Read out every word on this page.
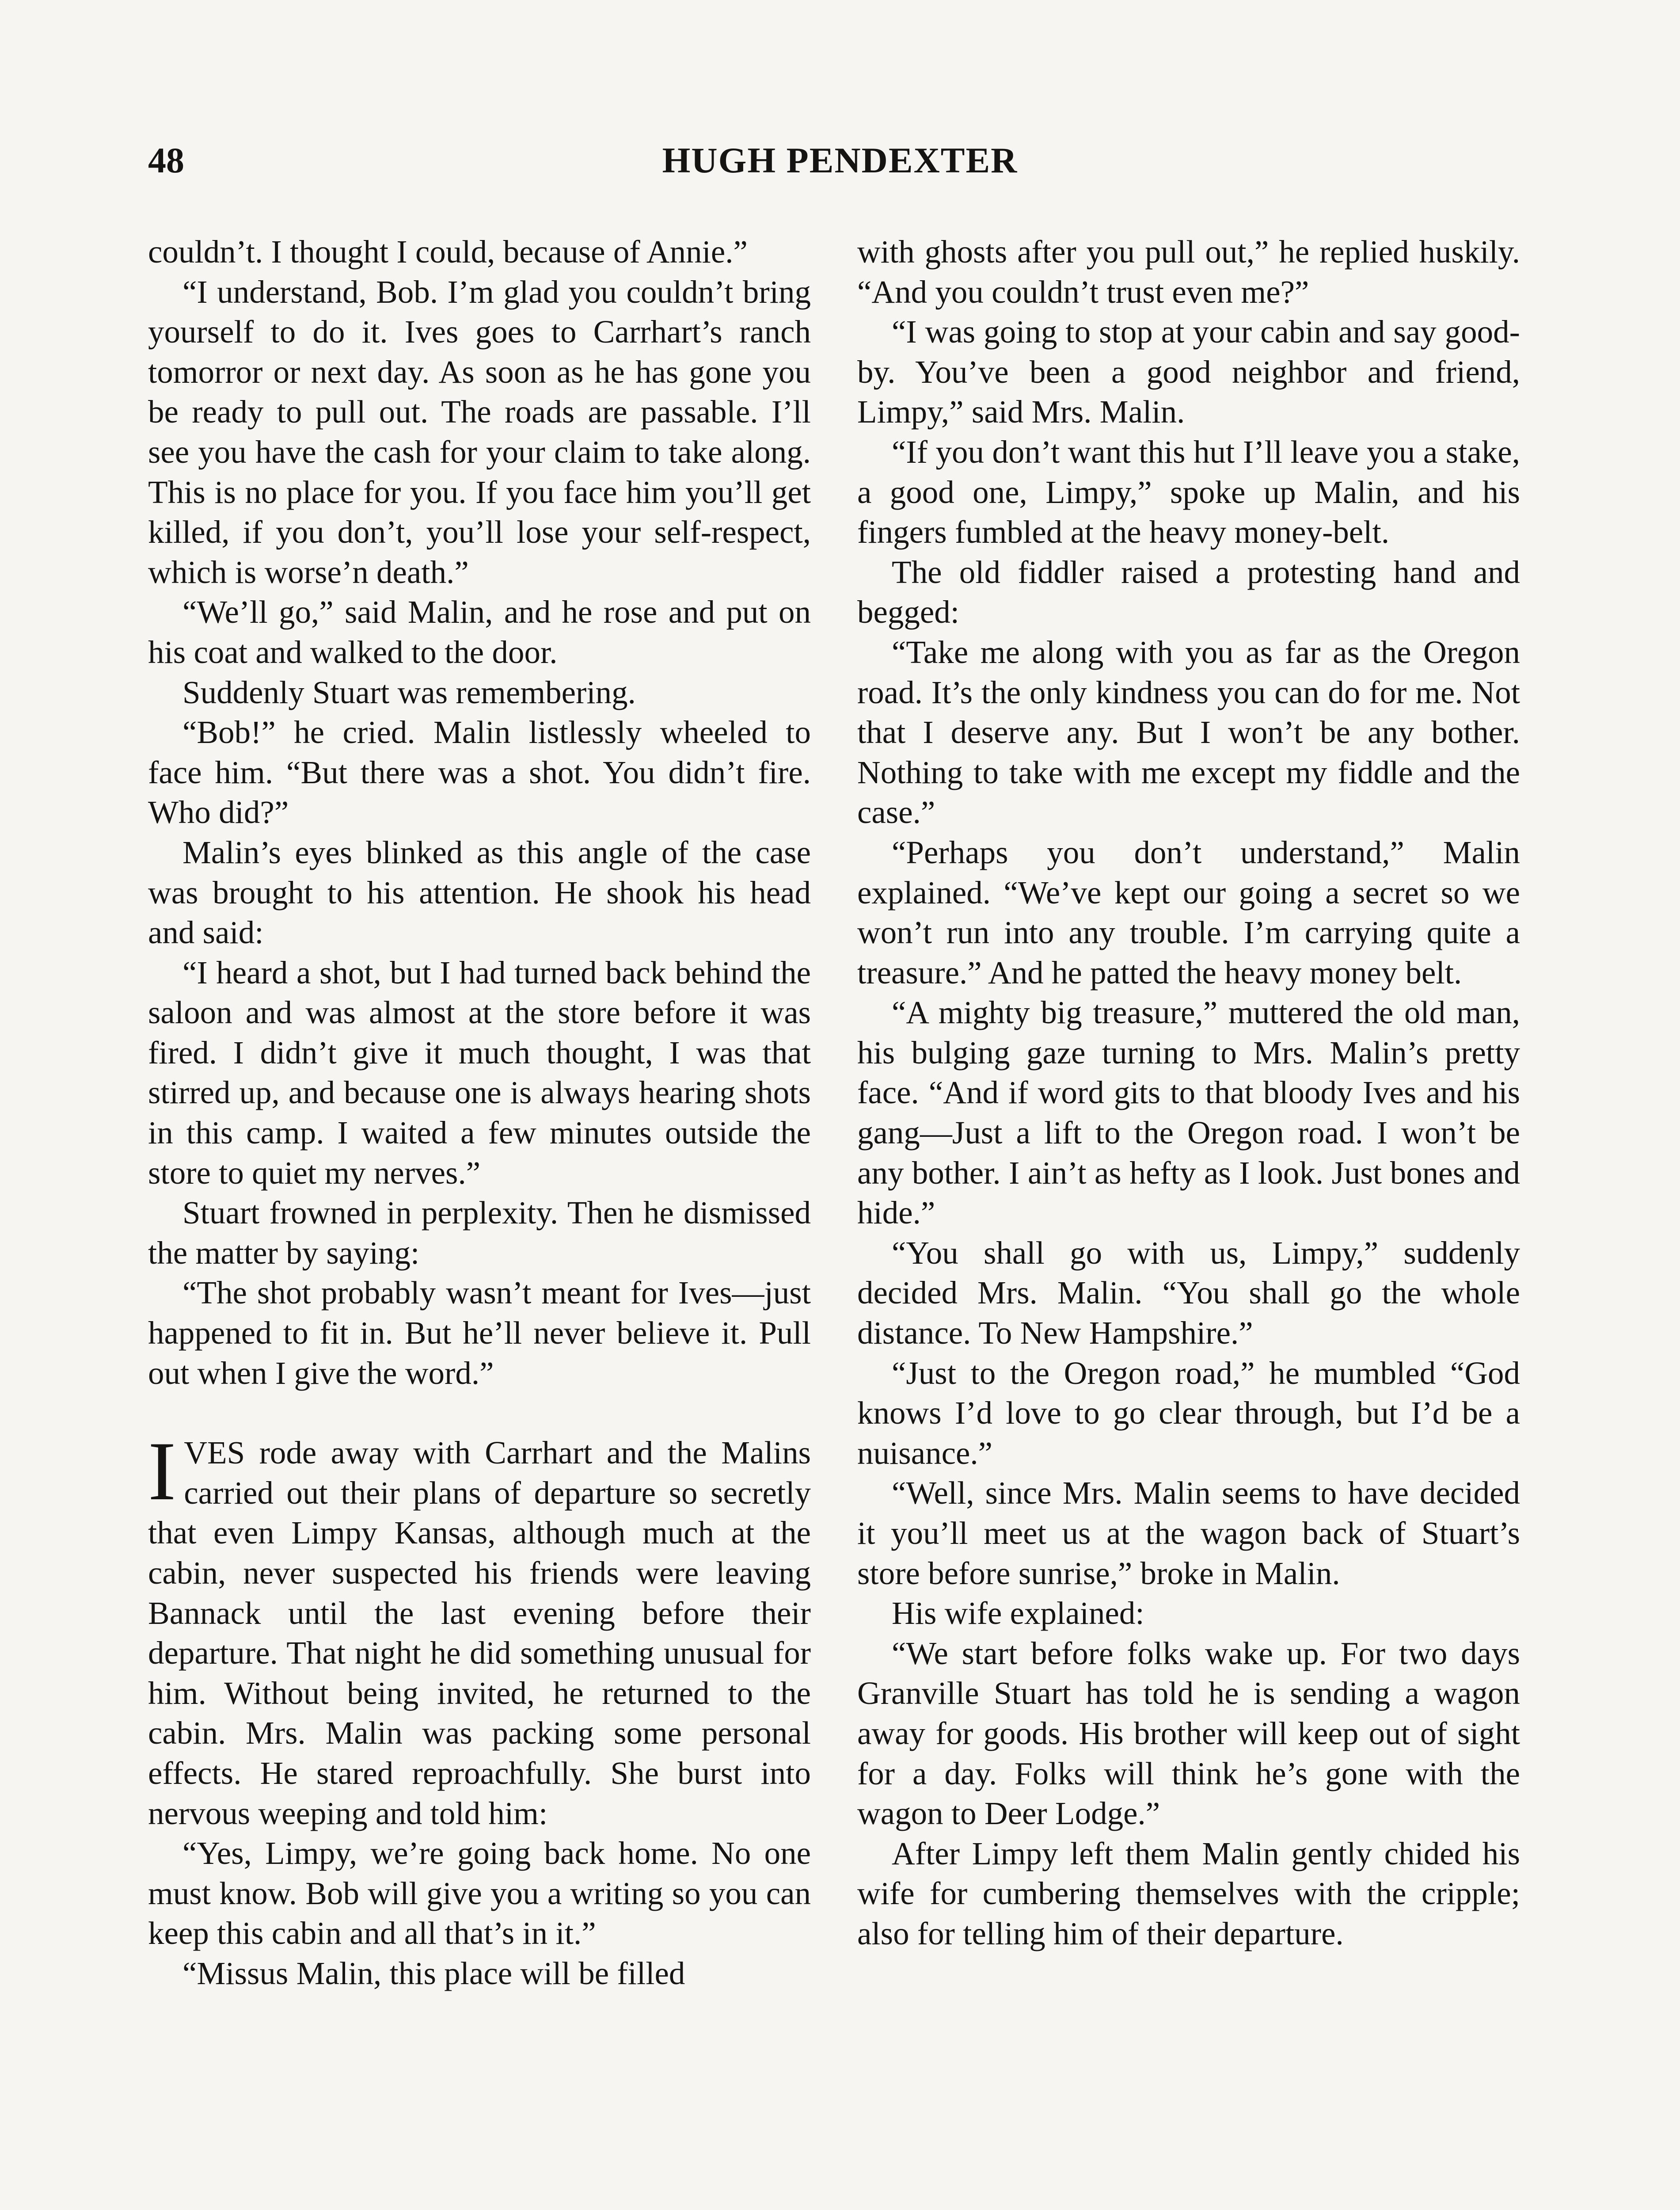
48	HUGH PENDEXTER

couldn’t. I thought I could, because of Annie.”

“I understand, Bob. I’m glad you couldn’t bring yourself to do it. Ives goes to Carrhart’s ranch tomorror or next day. As soon as he has gone you be ready to pull out. The roads are passable. I’ll see you have the cash for your claim to take along. This is no place for you. If you face him you’ll get killed, if you don’t, you’ll lose your self-respect, which is worse’n death.”

“We’ll go,” said Malin, and he rose and put on his coat and walked to the door.

Suddenly Stuart was remembering.

“Bob!” he cried. Malin listlessly wheeled to face him. “But there was a shot. You didn’t fire. Who did?”

Malin’s eyes blinked as this angle of the case was brought to his attention. He shook his head and said:

“I heard a shot, but I had turned back behind the saloon and was almost at the store before it was fired. I didn’t give it much thought, I was that stirred up, and because one is always hearing shots in this camp. I waited a few minutes outside the store to quiet my nerves.”

Stuart frowned in perplexity. Then he dismissed the matter by saying:

“The shot probably wasn’t meant for Ives—just happened to fit in. But he’ll never believe it. Pull out when I give the word.”

IVES rode away with Carrhart and the Malins carried out their plans of departure so secretly that even Limpy Kansas, although much at the cabin, never suspected his friends were leaving Bannack until the last evening before their departure. That night he did something unusual for him. Without being invited, he returned to the cabin. Mrs. Malin was packing some personal effects. He stared reproachfully. She burst into nervous weeping and told him:

“Yes, Limpy, we’re going back home. No one must know. Bob will give you a writing so you can keep this cabin and all that’s in it.”

“Missus Malin, this place will be filled

with ghosts after you pull out,” he replied huskily. “And you couldn’t trust even me?”

“I was going to stop at your cabin and say good-by. You’ve been a good neighbor and friend, Limpy,” said Mrs. Malin.

“If you don’t want this hut I’ll leave you a stake, a good one, Limpy,” spoke up Malin, and his fingers fumbled at the heavy money-belt.

The old fiddler raised a protesting hand and begged:

“Take me along with you as far as the Oregon road. It’s the only kindness you can do for me. Not that I deserve any. But I won’t be any bother. Nothing to take with me except my fiddle and the case.”

“Perhaps you don’t understand,” Malin explained. “We’ve kept our going a secret so we won’t run into any trouble. I’m carrying quite a treasure.” And he patted the heavy money belt.

“A mighty big treasure,” muttered the old man, his bulging gaze turning to Mrs. Malin’s pretty face. “And if word gits to that bloody Ives and his gang—Just a lift to the Oregon road. I won’t be any bother. I ain’t as hefty as I look. Just bones and hide.”

“You shall go with us, Limpy,” suddenly decided Mrs. Malin. “You shall go the whole distance. To New Hampshire.”

“Just to the Oregon road,” he mumbled “God knows I’d love to go clear through, but I’d be a nuisance.”

“Well, since Mrs. Malin seems to have decided it you’ll meet us at the wagon back of Stuart’s store before sunrise,” broke in Malin.

His wife explained:

“We start before folks wake up. For two days Granville Stuart has told he is sending a wagon away for goods. His brother will keep out of sight for a day. Folks will think he’s gone with the wagon to Deer Lodge.”

After Limpy left them Malin gently chided his wife for cumbering themselves with the cripple; also for telling him of their departure.
